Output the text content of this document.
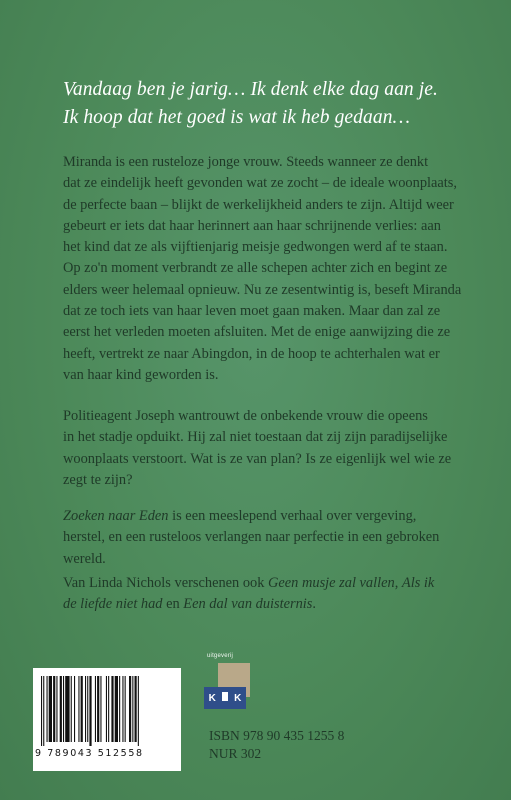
Vandaag ben je jarig… Ik denk elke dag aan je.
Ik hoop dat het goed is wat ik heb gedaan…
Miranda is een rusteloze jonge vrouw. Steeds wanneer ze denkt
dat ze eindelijk heeft gevonden wat ze zocht – de ideale woonplaats,
de perfecte baan – blijkt de werkelijkheid anders te zijn. Altijd weer
gebeurt er iets dat haar herinnert aan haar schrijnende verlies: aan
het kind dat ze als vijftienjarig meisje gedwongen werd af te staan.
Op zo'n moment verbrandt ze alle schepen achter zich en begint ze
elders weer helemaal opnieuw. Nu ze zesentwintig is, beseft Miranda
dat ze toch iets van haar leven moet gaan maken. Maar dan zal ze
eerst het verleden moeten afsluiten. Met de enige aanwijzing die ze
heeft, vertrekt ze naar Abingdon, in de hoop te achterhalen wat er
van haar kind geworden is.
Politieagent Joseph wantrouwt de onbekende vrouw die opeens
in het stadje opduikt. Hij zal niet toestaan dat zij zijn paradijselijke
woonplaats verstoort. Wat is ze van plan? Is ze eigenlijk wel wie ze
zegt te zijn?
Zoeken naar Eden is een meeslepend verhaal over vergeving,
herstel, en een rusteloos verlangen naar perfectie in een gebroken
wereld.
Van Linda Nichols verschenen ook Geen musje zal vallen, Als ik
de liefde niet had en Een dal van duisternis.
9 789043 512558
uitgeverij
K K
ISBN 978 90 435 1255 8
NUR 302
